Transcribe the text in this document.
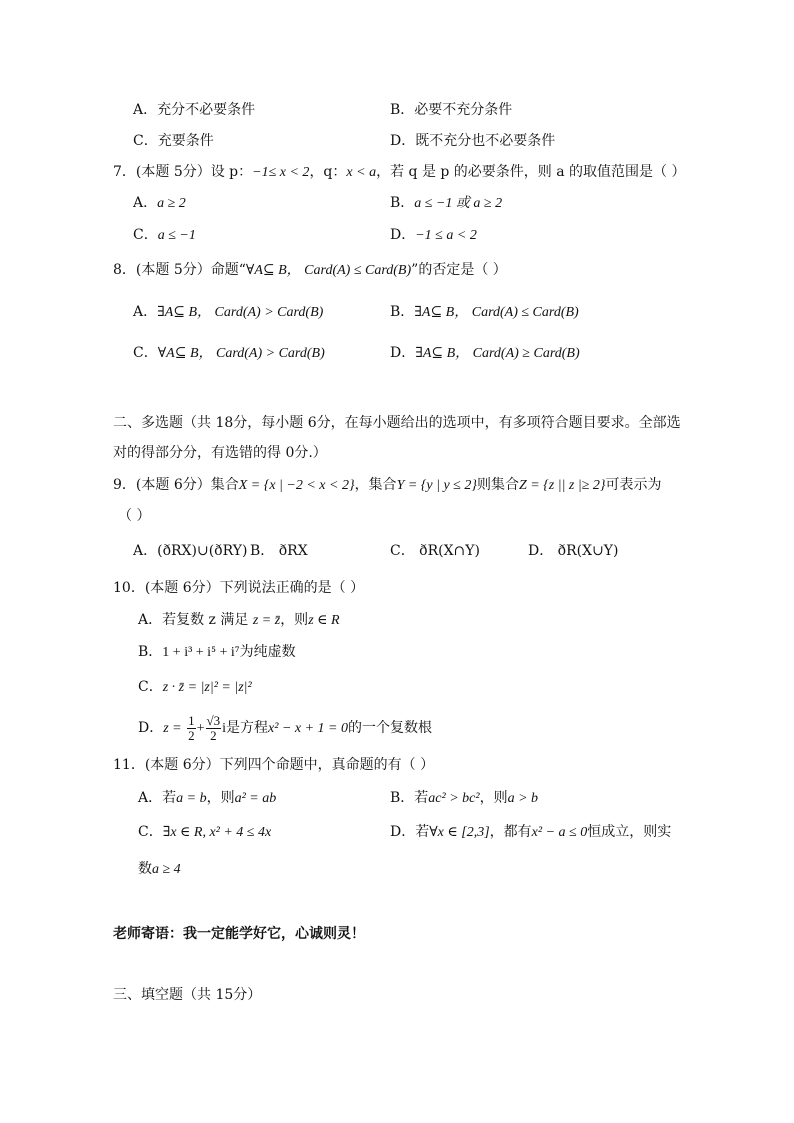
A．充分不必要条件	B．必要不充分条件
C．充要条件	D．既不充分也不必要条件
7．(本题 5分）设 p：−1≤ x < 2，q：x < a，若 q 是 p 的必要条件，则 a 的取值范围是（ ）
A．a ≥ 2	B．a ≤ −1 或 a ≥ 2
C．a ≤ −1	D．−1 ≤ a < 2
8．(本题 5分）命题“∀A⊆ B， Card(A) ≤ Card(B)”的否定是（ ）
A．∃A⊆ B， Card(A) > Card(B)	B．∃A⊆ B， Card(A) ≤ Card(B)
C．∀A⊆ B， Card(A) > Card(B)	D．∃A⊆ B， Card(A) ≥ Card(B)
二、多选题（共 18分，每小题 6分，在每小题给出的选项中，有多项符合题目要求。全部选
对的得部分分，有选错的得 0分.）
9．(本题 6分）集合X = {x | −2 < x < 2}，集合Y = {y | y ≤ 2}则集合Z = {z || z |≥ 2}可表示为
（ ）
A．(ðRX)∪(ðRY) B． ðRX	C． ðR(X∩Y)	D． ðR(X∪Y)
10．(本题 6分）下列说法正确的是（ ）
A．若复数 z 满足 z = z̄，则z ∈ R
B．1 + i³ + i⁵ + i⁷为纯虚数
C．z · z̄ = |z|² = |z|²
D．$z = \frac{1}{2} + \frac{√3}{2}$ i是方程x² − x + 1 = 0的一个复数根
11．(本题 6分）下列四个命题中，真命题的有（ ）
A．若a = b，则a² = ab	B．若ac² > bc²，则a > b
C．∃x ∈ R, x² + 4 ≤ 4x	D．若∀x ∈ [2,3]，都有x² − a ≤ 0恒成立，则实
数a ≥ 4
老师寄语：我一定能学好它，心诚则灵！
三、填空题（共 15分）
